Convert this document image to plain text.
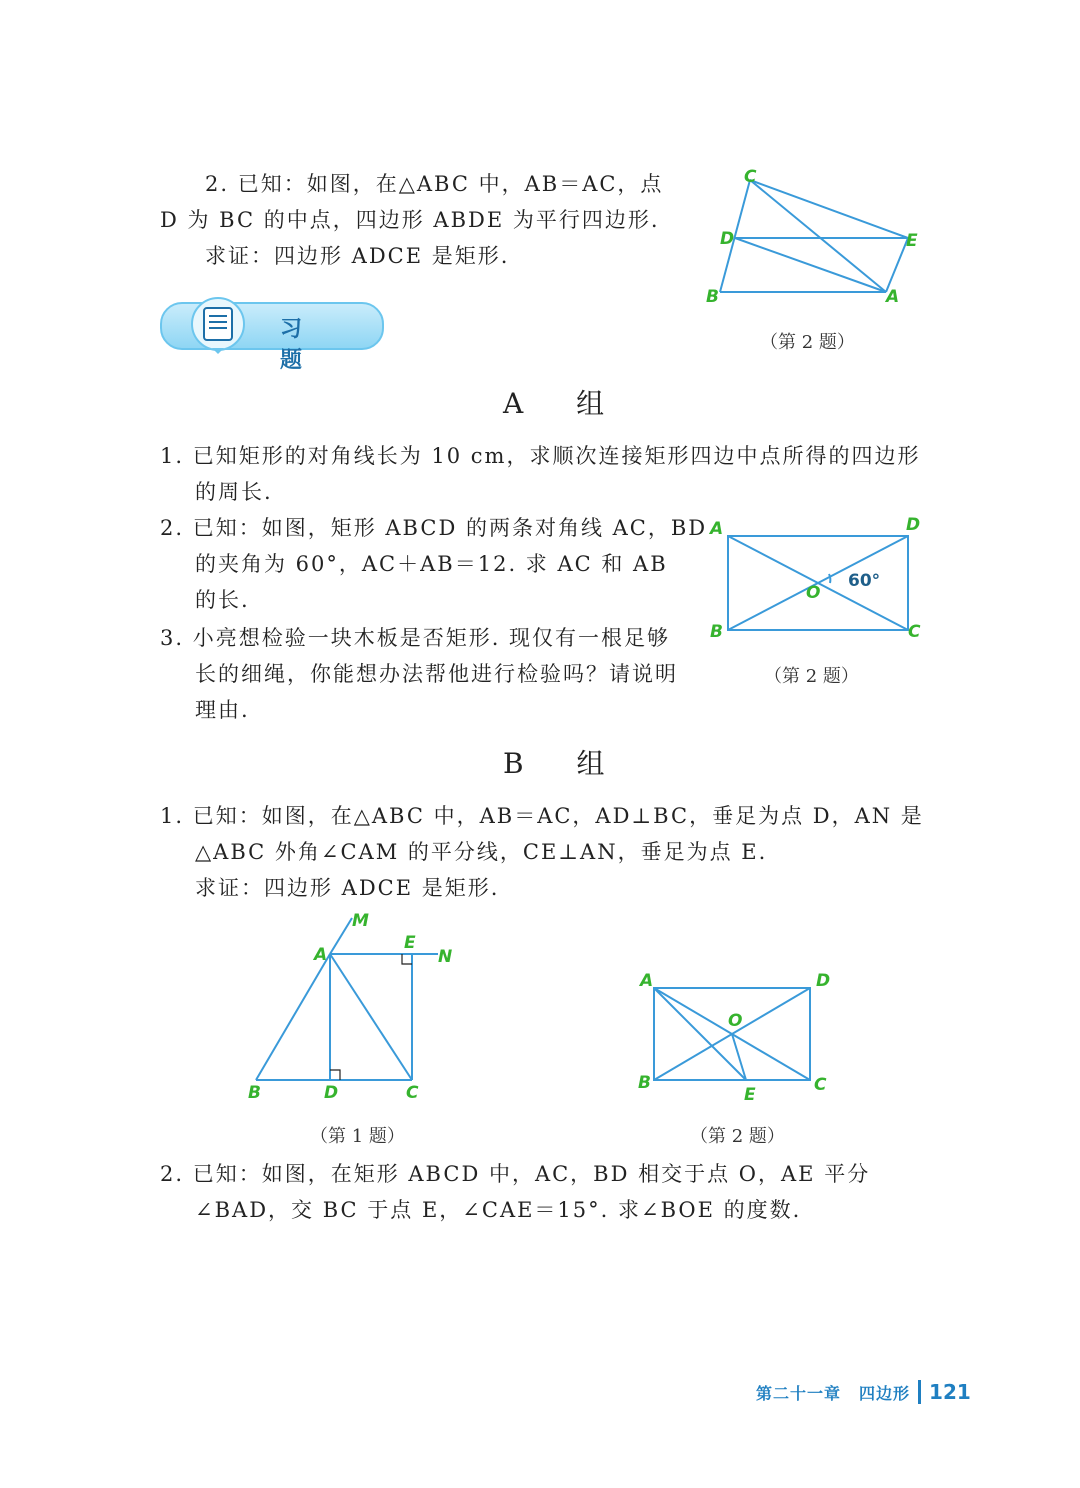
2. 已知：如图，在△ABC 中，AB＝AC，点
D 为 BC 的中点，四边形 ABDE 为平行四边形.
求证：四边形 ADCE 是矩形.
C
D	E
B	A
（第 2 题）
习 题
A 组
1. 已知矩形的对角线长为 10 cm，求顺次连接矩形四边中点所得的四边形
的周长.
2. 已知：如图，矩形 ABCD 的两条对角线 AC，BD
的夹角为 60°，AC＋AB＝12. 求 AC 和 AB
的长.
3. 小亮想检验一块木板是否矩形. 现仅有一根足够
长的细绳，你能想办法帮他进行检验吗？请说明
理由.
A	D
O
B	C
60°
（第 2 题）
B 组
1. 已知：如图，在△ABC 中，AB＝AC，AD⊥BC，垂足为点 D，AN 是
△ABC 外角∠CAM 的平分线，CE⊥AN，垂足为点 E.
求证：四边形 ADCE 是矩形.
M
A
E
N
B	D	C
（第 1 题）
A	D
O
B
E	C
（第 2 题）
2. 已知：如图，在矩形 ABCD 中，AC，BD 相交于点 O，AE 平分
∠BAD，交 BC 于点 E，∠CAE＝15°. 求∠BOE 的度数.
第二十一章 四边形 121
